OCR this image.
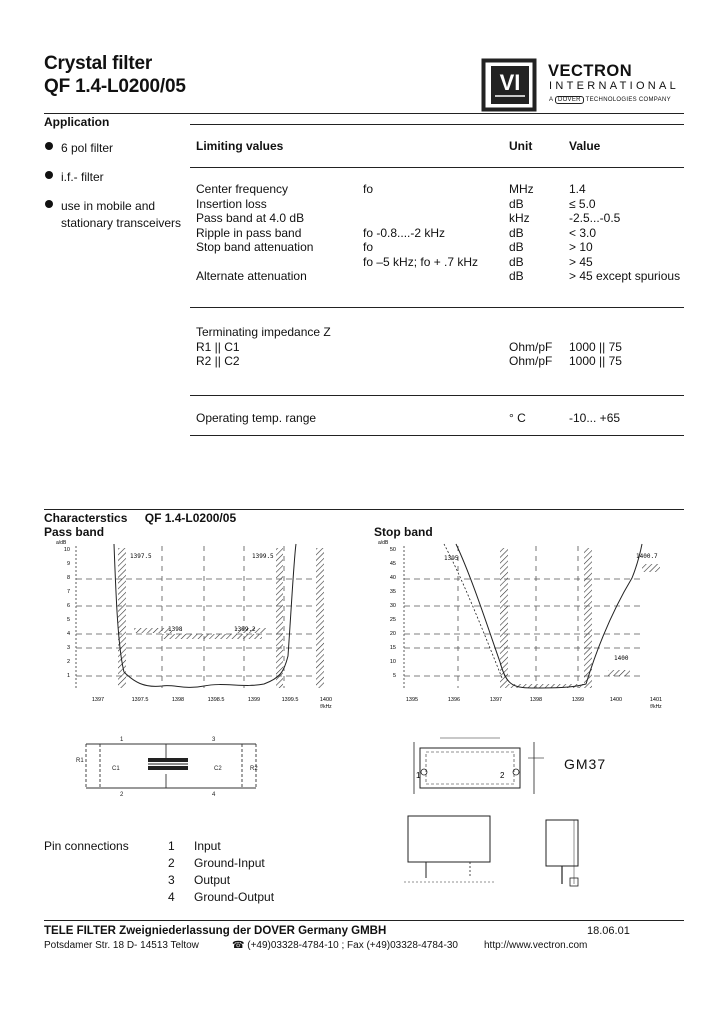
Crystal filter
QF 1.4-L0200/05	VI VECTRON
INTERNATIONAL
A DOVER TECHNOLOGIES COMPANY
Application
6 pol filter
i.f.- filter
use in mobile and
stationary transceivers
Limiting values	Unit	Value
Center frequency	fo	MHz	1.4
Insertion loss	dB	≤ 5.0
Pass band at 4.0 dB	kHz	-2.5...-0.5
Ripple in pass band	fo -0.8....-2 kHz	dB	< 3.0
Stop band attenuation	fo	dB	> 10
fo –5 kHz; fo + .7 kHz	dB	> 45
Alternate attenuation	dB	> 45 except spurious
Terminating impedance Z
R1 || C1	Ohm/pF 1000 || 75
R2 || C2	Ohm/pF 1000 || 75
Operating temp. range	° C	-10... +65
Characterstics QF 1.4-L0200/05
Pass band	Stop band
1397.5	1399.5
1398	1399.2
a/dB
10
9
8
7
6
5
4
3
2
1
1397	1397.5	1398	1398.5	1399	1399.5	1400
f/kHz
1395	1400.7
1400
a/dB
50
45
40
35
30
25
20
15
10
5
1395	1396	1397	1398	1399	1400	1401
f/kHz
1	3
2	4
R1
C1	C2	R2
1	2
GM37
Pin connections	1 Input
2 Ground-Input
3 Output
4 Ground-Output
TELE FILTER Zweigniederlassung der DOVER Germany GMBH	18.06.01
Potsdamer Str. 18 D- 14513 Teltow	☎ (+49)03328-4784-10 ; Fax (+49)03328-4784-30	http://www.vectron.com
